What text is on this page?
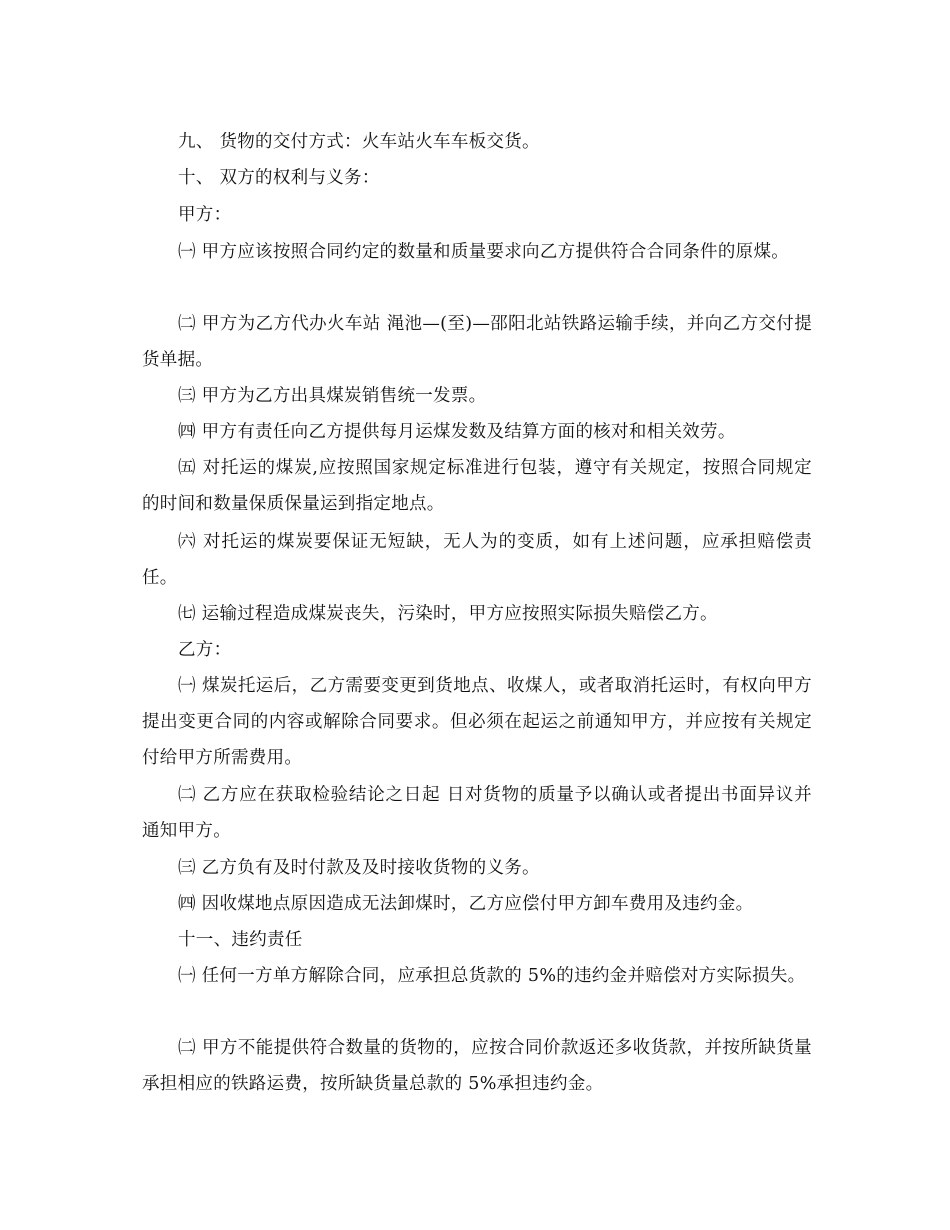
九、 货物的交付方式：火车站火车车板交货。

十、 双方的权利与义务：

甲方：

㈠ 甲方应该按照合同约定的数量和质量要求向乙方提供符合合同条件的原煤。

㈡ 甲方为乙方代办火车站 渑池—(至)—邵阳北站铁路运输手续，并向乙方交付提货单据。

㈢ 甲方为乙方出具煤炭销售统一发票。

㈣ 甲方有责任向乙方提供每月运煤发数及结算方面的核对和相关效劳。

㈤ 对托运的煤炭,应按照国家规定标准进行包装，遵守有关规定，按照合同规定的时间和数量保质保量运到指定地点。

㈥ 对托运的煤炭要保证无短缺，无人为的变质，如有上述问题，应承担赔偿责任。

㈦ 运输过程造成煤炭丧失，污染时，甲方应按照实际损失赔偿乙方。

乙方：

㈠ 煤炭托运后，乙方需要变更到货地点、收煤人，或者取消托运时，有权向甲方提出变更合同的内容或解除合同要求。但必须在起运之前通知甲方，并应按有关规定付给甲方所需费用。

㈡ 乙方应在获取检验结论之日起 日对货物的质量予以确认或者提出书面异议并通知甲方。

㈢ 乙方负有及时付款及及时接收货物的义务。

㈣ 因收煤地点原因造成无法卸煤时，乙方应偿付甲方卸车费用及违约金。

十一、违约责任

㈠ 任何一方单方解除合同，应承担总货款的 5%的违约金并赔偿对方实际损失。

㈡ 甲方不能提供符合数量的货物的，应按合同价款返还多收货款，并按所缺货量承担相应的铁路运费，按所缺货量总款的 5%承担违约金。
